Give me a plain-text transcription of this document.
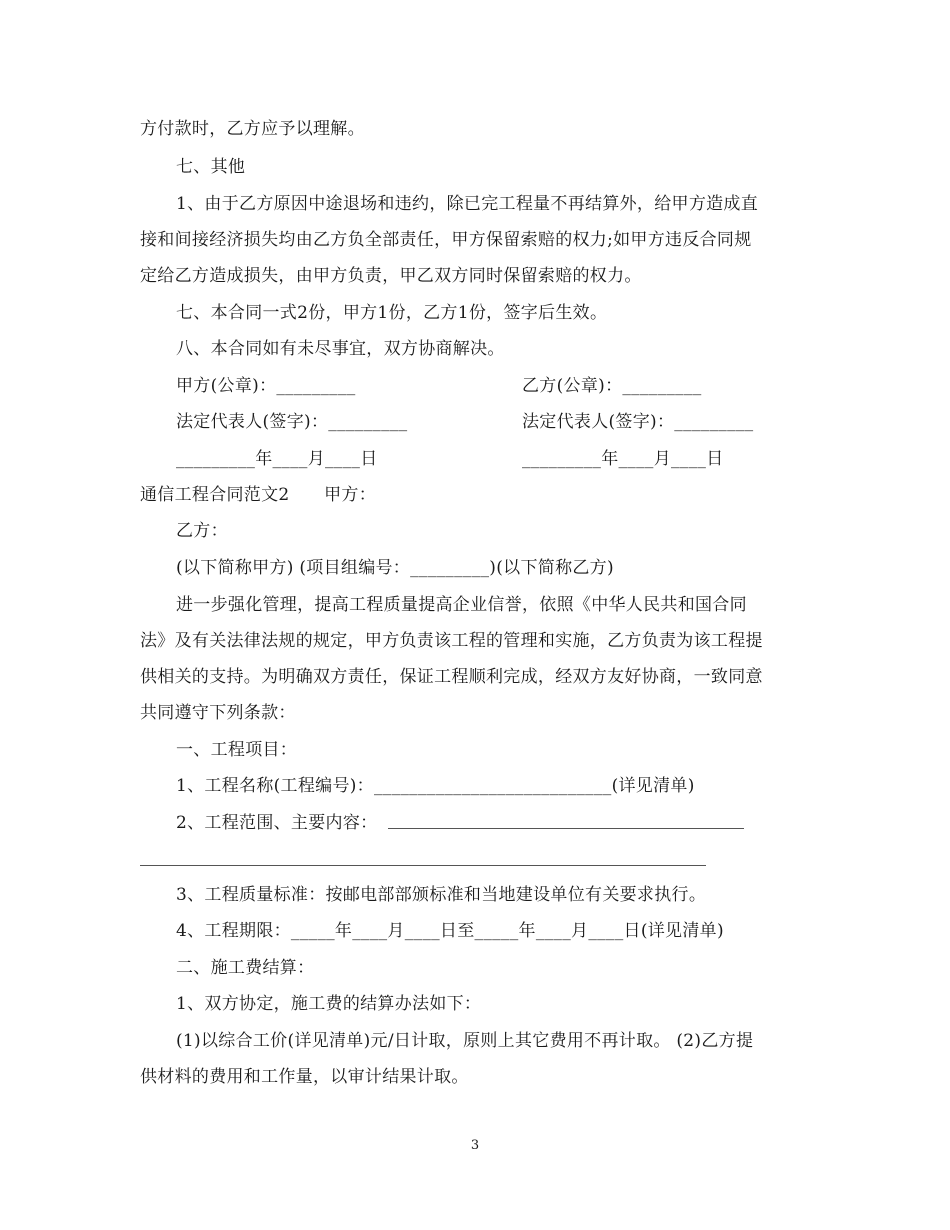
方付款时，乙方应予以理解。
七、其他
1、由于乙方原因中途退场和违约，除已完工程量不再结算外，给甲方造成直
接和间接经济损失均由乙方负全部责任，甲方保留索赔的权力;如甲方违反合同规
定给乙方造成损失，由甲方负责，甲乙双方同时保留索赔的权力。
七、本合同一式2份，甲方1份，乙方1份，签字后生效。
八、本合同如有未尽事宜，双方协商解决。
甲方(公章)：_________	乙方(公章)：_________
法定代表人(签字)：_________	法定代表人(签字)：_________
_________年____月____日	_________年____月____日
通信工程合同范文2　　甲方：
乙方：
(以下简称甲方) (项目组编号：_________)(以下简称乙方)
进一步强化管理，提高工程质量提高企业信誉，依照《中华人民共和国合同
法》及有关法律法规的规定，甲方负责该工程的管理和实施，乙方负责为该工程提
供相关的支持。为明确双方责任，保证工程顺利完成，经双方友好协商，一致同意
共同遵守下列条款：
一、工程项目：
1、工程名称(工程编号)：___________________________(详见清单)
2、工程范围、主要内容：
3、工程质量标准：按邮电部部颁标准和当地建设单位有关要求执行。
4、工程期限：_____年____月____日至_____年____月____日(详见清单)
二、施工费结算：
1、双方协定，施工费的结算办法如下：
(1)以综合工价(详见清单)元/日计取，原则上其它费用不再计取。 (2)乙方提
供材料的费用和工作量，以审计结果计取。
3
